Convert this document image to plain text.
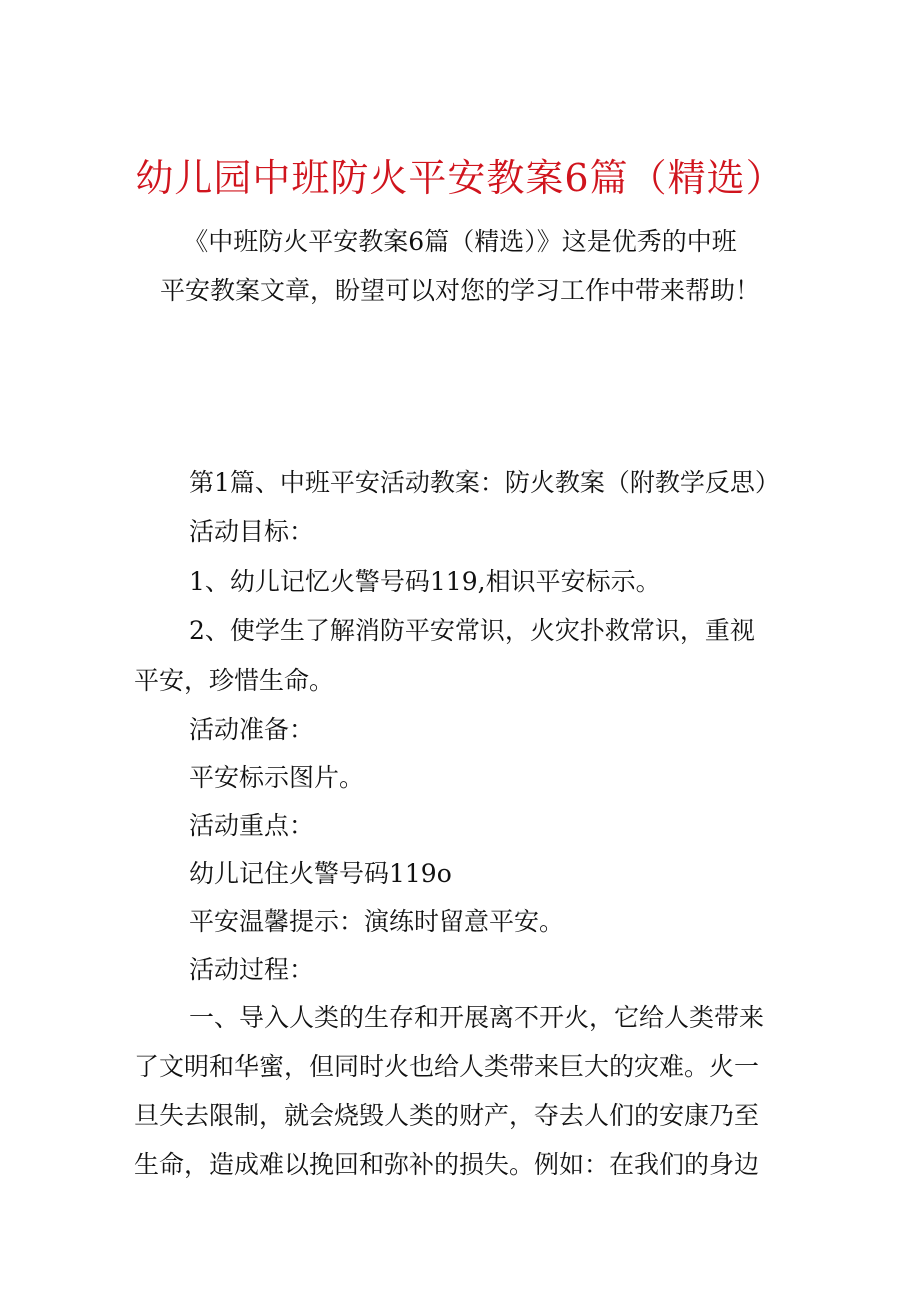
幼儿园中班防火平安教案6篇（精选）
《中班防火平安教案6篇（精选）》这是优秀的中班
平安教案文章，盼望可以对您的学习工作中带来帮助！
第1篇、中班平安活动教案：防火教案（附教学反思）
活动目标：
1、幼儿记忆火警号码119,相识平安标示。
2、使学生了解消防平安常识，火灾扑救常识，重视
平安，珍惜生命。
活动准备：
平安标示图片。
活动重点：
幼儿记住火警号码119o
平安温馨提示：演练时留意平安。
活动过程：
一、导入人类的生存和开展离不开火，它给人类带来
了文明和华蜜，但同时火也给人类带来巨大的灾难。火一
旦失去限制，就会烧毁人类的财产，夺去人们的安康乃至
生命，造成难以挽回和弥补的损失。例如：在我们的身边
